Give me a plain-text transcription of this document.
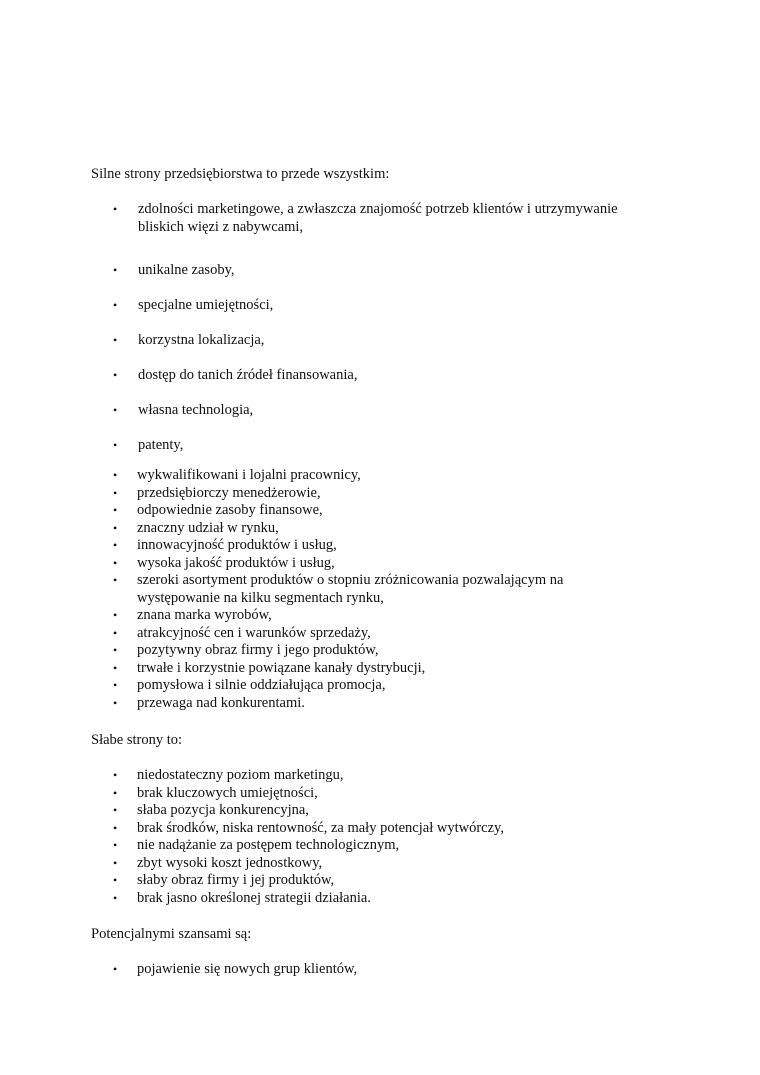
Silne strony przedsiębiorstwa to przede wszystkim:

• zdolności marketingowe, a zwłaszcza znajomość potrzeb klientów i utrzymywanie
bliskich więzi z nabywcami,
• unikalne zasoby,
• specjalne umiejętności,
• korzystna lokalizacja,
• dostęp do tanich źródeł finansowania,
• własna technologia,
• patenty,
• wykwalifikowani i lojalni pracownicy,
• przedsiębiorczy menedżerowie,
• odpowiednie zasoby finansowe,
• znaczny udział w rynku,
• innowacyjność produktów i usług,
• wysoka jakość produktów i usług,
• szeroki asortyment produktów o stopniu zróżnicowania pozwalającym na
występowanie na kilku segmentach rynku,
• znana marka wyrobów,
• atrakcyjność cen i warunków sprzedaży,
• pozytywny obraz firmy i jego produktów,
• trwałe i korzystnie powiązane kanały dystrybucji,
• pomysłowa i silnie oddziałująca promocja,
• przewaga nad konkurentami.

Słabe strony to:

• niedostateczny poziom marketingu,
• brak kluczowych umiejętności,
• słaba pozycja konkurencyjna,
• brak środków, niska rentowność, za mały potencjał wytwórczy,
• nie nadążanie za postępem technologicznym,
• zbyt wysoki koszt jednostkowy,
• słaby obraz firmy i jej produktów,
• brak jasno określonej strategii działania.

Potencjalnymi szansami są:

• pojawienie się nowych grup klientów,
